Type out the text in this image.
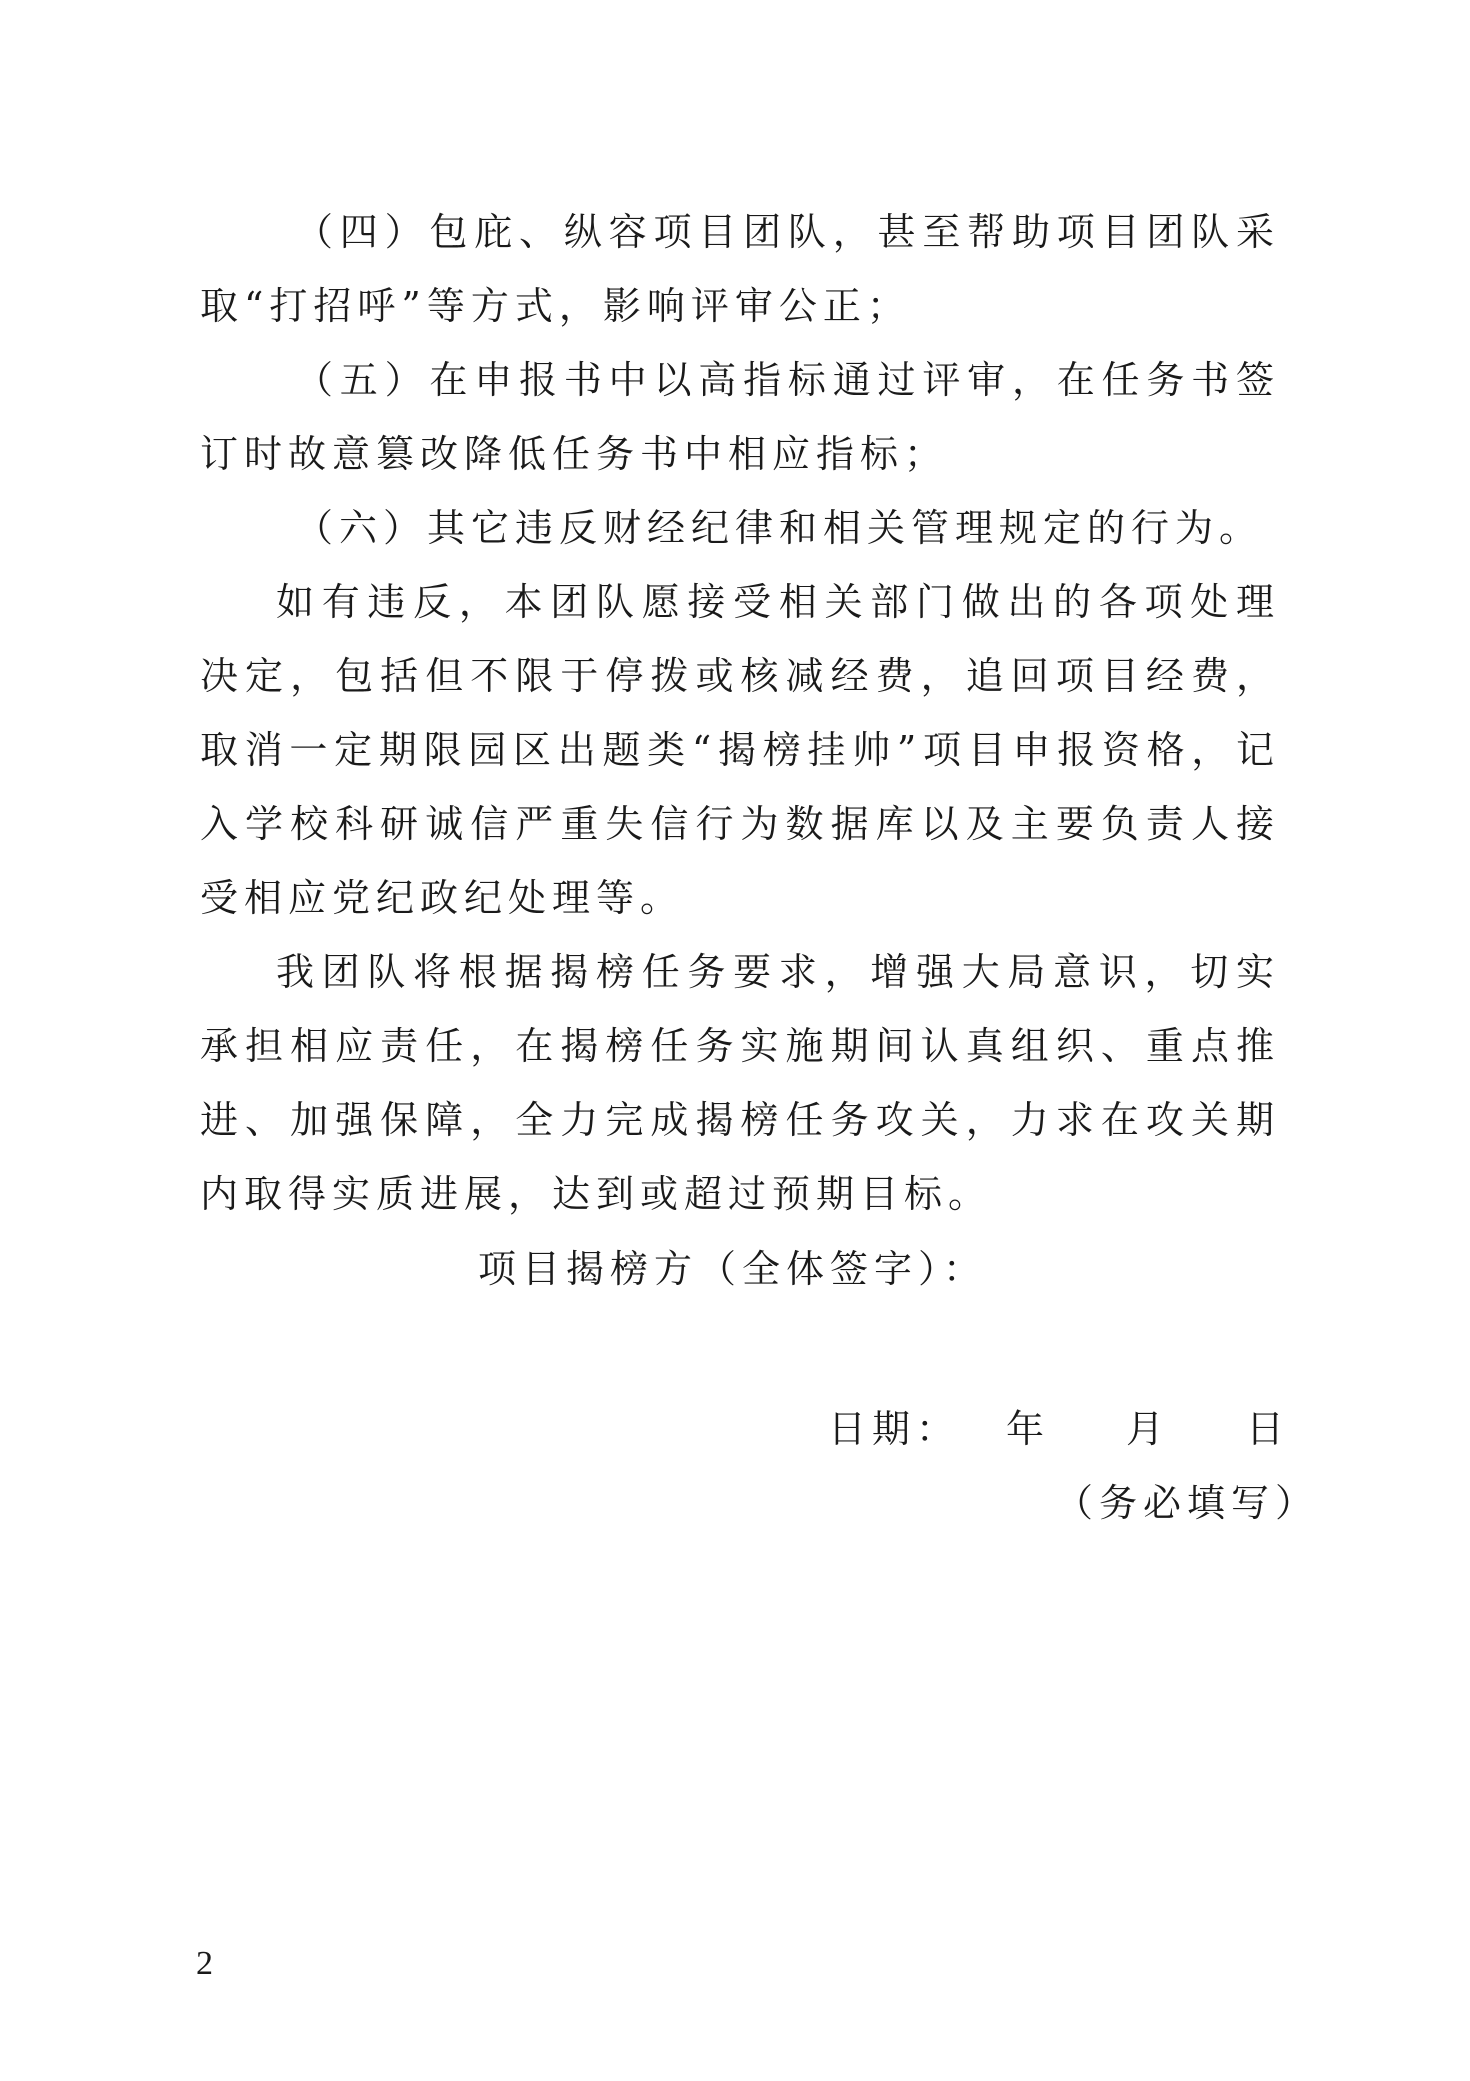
（四）包庇、纵容项目团队，甚至帮助项目团队采取“打招呼”等方式，影响评审公正；

（五）在申报书中以高指标通过评审，在任务书签订时故意篡改降低任务书中相应指标；

（六）其它违反财经纪律和相关管理规定的行为。

如有违反，本团队愿接受相关部门做出的各项处理决定，包括但不限于停拨或核减经费，追回项目经费，取消一定期限园区出题类“揭榜挂帅”项目申报资格，记入学校科研诚信严重失信行为数据库以及主要负责人接受相应党纪政纪处理等。

我团队将根据揭榜任务要求，增强大局意识，切实承担相应责任，在揭榜任务实施期间认真组织、重点推进、加强保障，全力完成揭榜任务攻关，力求在攻关期内取得实质进展，达到或超过预期目标。

项目揭榜方（全体签字）：
日期： 年 月 日
（务必填写）
2
